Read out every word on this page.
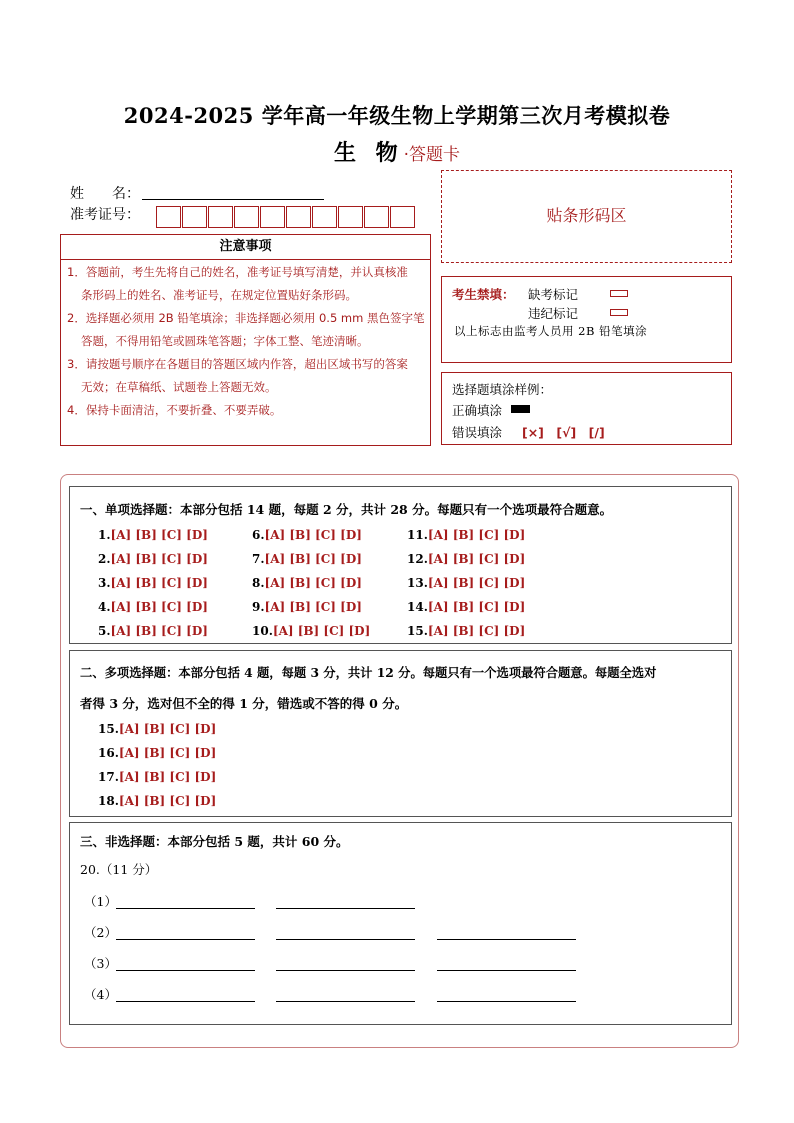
2024-2025 学年高一年级生物上学期第三次月考模拟卷
生 物·答题卡
姓　　名：
准考证号：
注意事项
1．答题前，考生先将自己的姓名，准考证号填写清楚，并认真核准
条形码上的姓名、准考证号，在规定位置贴好条形码。
2．选择题必须用 2B 铅笔填涂；非选择题必须用 0.5 mm 黑色签字笔
答题，不得用铅笔或圆珠笔答题；字体工整、笔迹清晰。
3．请按题号顺序在各题目的答题区域内作答，超出区域书写的答案
无效；在草稿纸、试题卷上答题无效。
4．保持卡面清洁，不要折叠、不要弄破。
贴条形码区
考生禁填： 缺考标记
违纪标记
以上标志由监考人员用 2B 铅笔填涂
选择题填涂样例：
正确填涂
错误填涂 [×]　[√]　[/]
一、单项选择题：本部分包括 14 题，每题 2 分，共计 28 分。每题只有一个选项最符合题意。
1.[A] [B] [C] [D]
2.[A] [B] [C] [D]
3.[A] [B] [C] [D]
4.[A] [B] [C] [D]
5.[A] [B] [C] [D]
6.[A] [B] [C] [D]
7.[A] [B] [C] [D]
8.[A] [B] [C] [D]
9.[A] [B] [C] [D]
10.[A] [B] [C] [D]
11.[A] [B] [C] [D]
12.[A] [B] [C] [D]
13.[A] [B] [C] [D]
14.[A] [B] [C] [D]
15.[A] [B] [C] [D]
二、多项选择题：本部分包括 4 题，每题 3 分，共计 12 分。每题只有一个选项最符合题意。每题全选对
者得 3 分，选对但不全的得 1 分，错选或不答的得 0 分。
15.[A] [B] [C] [D]
16.[A] [B] [C] [D]
17.[A] [B] [C] [D]
18.[A] [B] [C] [D]
三、非选择题：本部分包括 5 题，共计 60 分。
20.（11 分）
（1）
（2）
（3）
（4）
